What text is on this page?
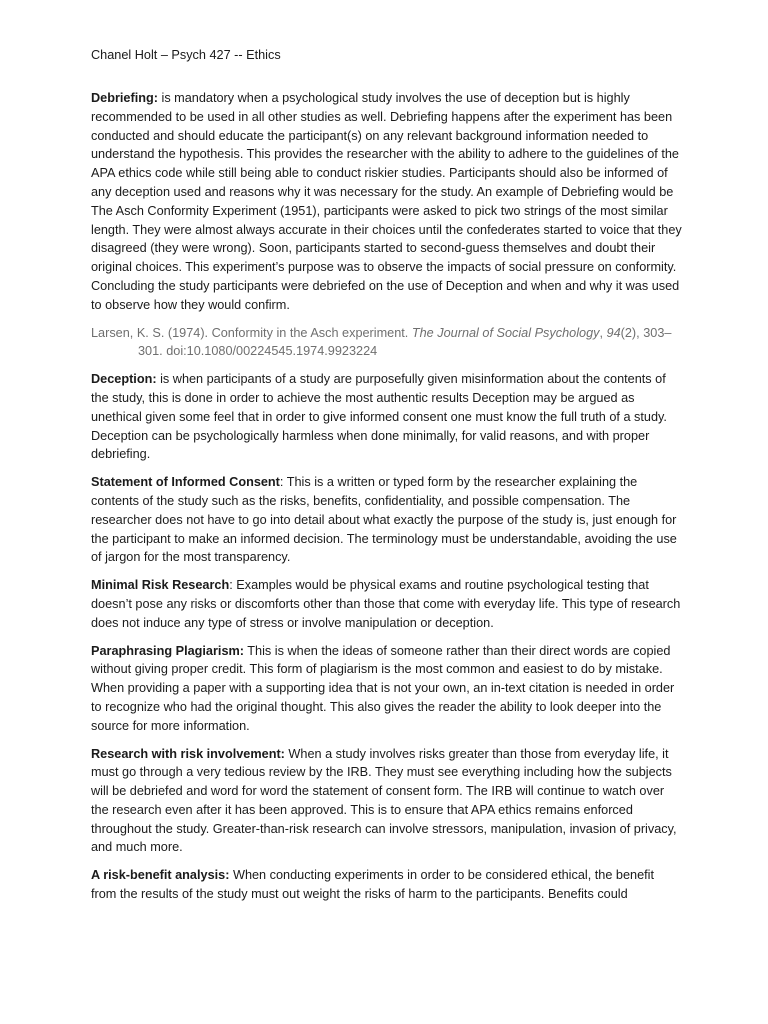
Chanel Holt – Psych 427 -- Ethics

Debriefing: is mandatory when a psychological study involves the use of deception but is highly recommended to be used in all other studies as well. Debriefing happens after the experiment has been conducted and should educate the participant(s) on any relevant background information needed to understand the hypothesis. This provides the researcher with the ability to adhere to the guidelines of the APA ethics code while still being able to conduct riskier studies. Participants should also be informed of any deception used and reasons why it was necessary for the study. An example of Debriefing would be The Asch Conformity Experiment (1951), participants were asked to pick two strings of the most similar length. They were almost always accurate in their choices until the confederates started to voice that they disagreed (they were wrong). Soon, participants started to second-guess themselves and doubt their original choices. This experiment’s purpose was to observe the impacts of social pressure on conformity. Concluding the study participants were debriefed on the use of Deception and when and why it was used to observe how they would confirm.

Larsen, K. S. (1974). Conformity in the Asch experiment. The Journal of Social Psychology, 94(2), 303–301. doi:10.1080/00224545.1974.9923224

Deception: is when participants of a study are purposefully given misinformation about the contents of the study, this is done in order to achieve the most authentic results Deception may be argued as unethical given some feel that in order to give informed consent one must know the full truth of a study. Deception can be psychologically harmless when done minimally, for valid reasons, and with proper debriefing.

Statement of Informed Consent: This is a written or typed form by the researcher explaining the contents of the study such as the risks, benefits, confidentiality, and possible compensation. The researcher does not have to go into detail about what exactly the purpose of the study is, just enough for the participant to make an informed decision. The terminology must be understandable, avoiding the use of jargon for the most transparency.

Minimal Risk Research: Examples would be physical exams and routine psychological testing that doesn’t pose any risks or discomforts other than those that come with everyday life. This type of research does not induce any type of stress or involve manipulation or deception.

Paraphrasing Plagiarism: This is when the ideas of someone rather than their direct words are copied without giving proper credit. This form of plagiarism is the most common and easiest to do by mistake. When providing a paper with a supporting idea that is not your own, an in-text citation is needed in order to recognize who had the original thought. This also gives the reader the ability to look deeper into the source for more information.

Research with risk involvement: When a study involves risks greater than those from everyday life, it must go through a very tedious review by the IRB. They must see everything including how the subjects will be debriefed and word for word the statement of consent form. The IRB will continue to watch over the research even after it has been approved. This is to ensure that APA ethics remains enforced throughout the study. Greater-than-risk research can involve stressors, manipulation, invasion of privacy, and much more.

A risk-benefit analysis: When conducting experiments in order to be considered ethical, the benefit from the results of the study must out weight the risks of harm to the participants. Benefits could
